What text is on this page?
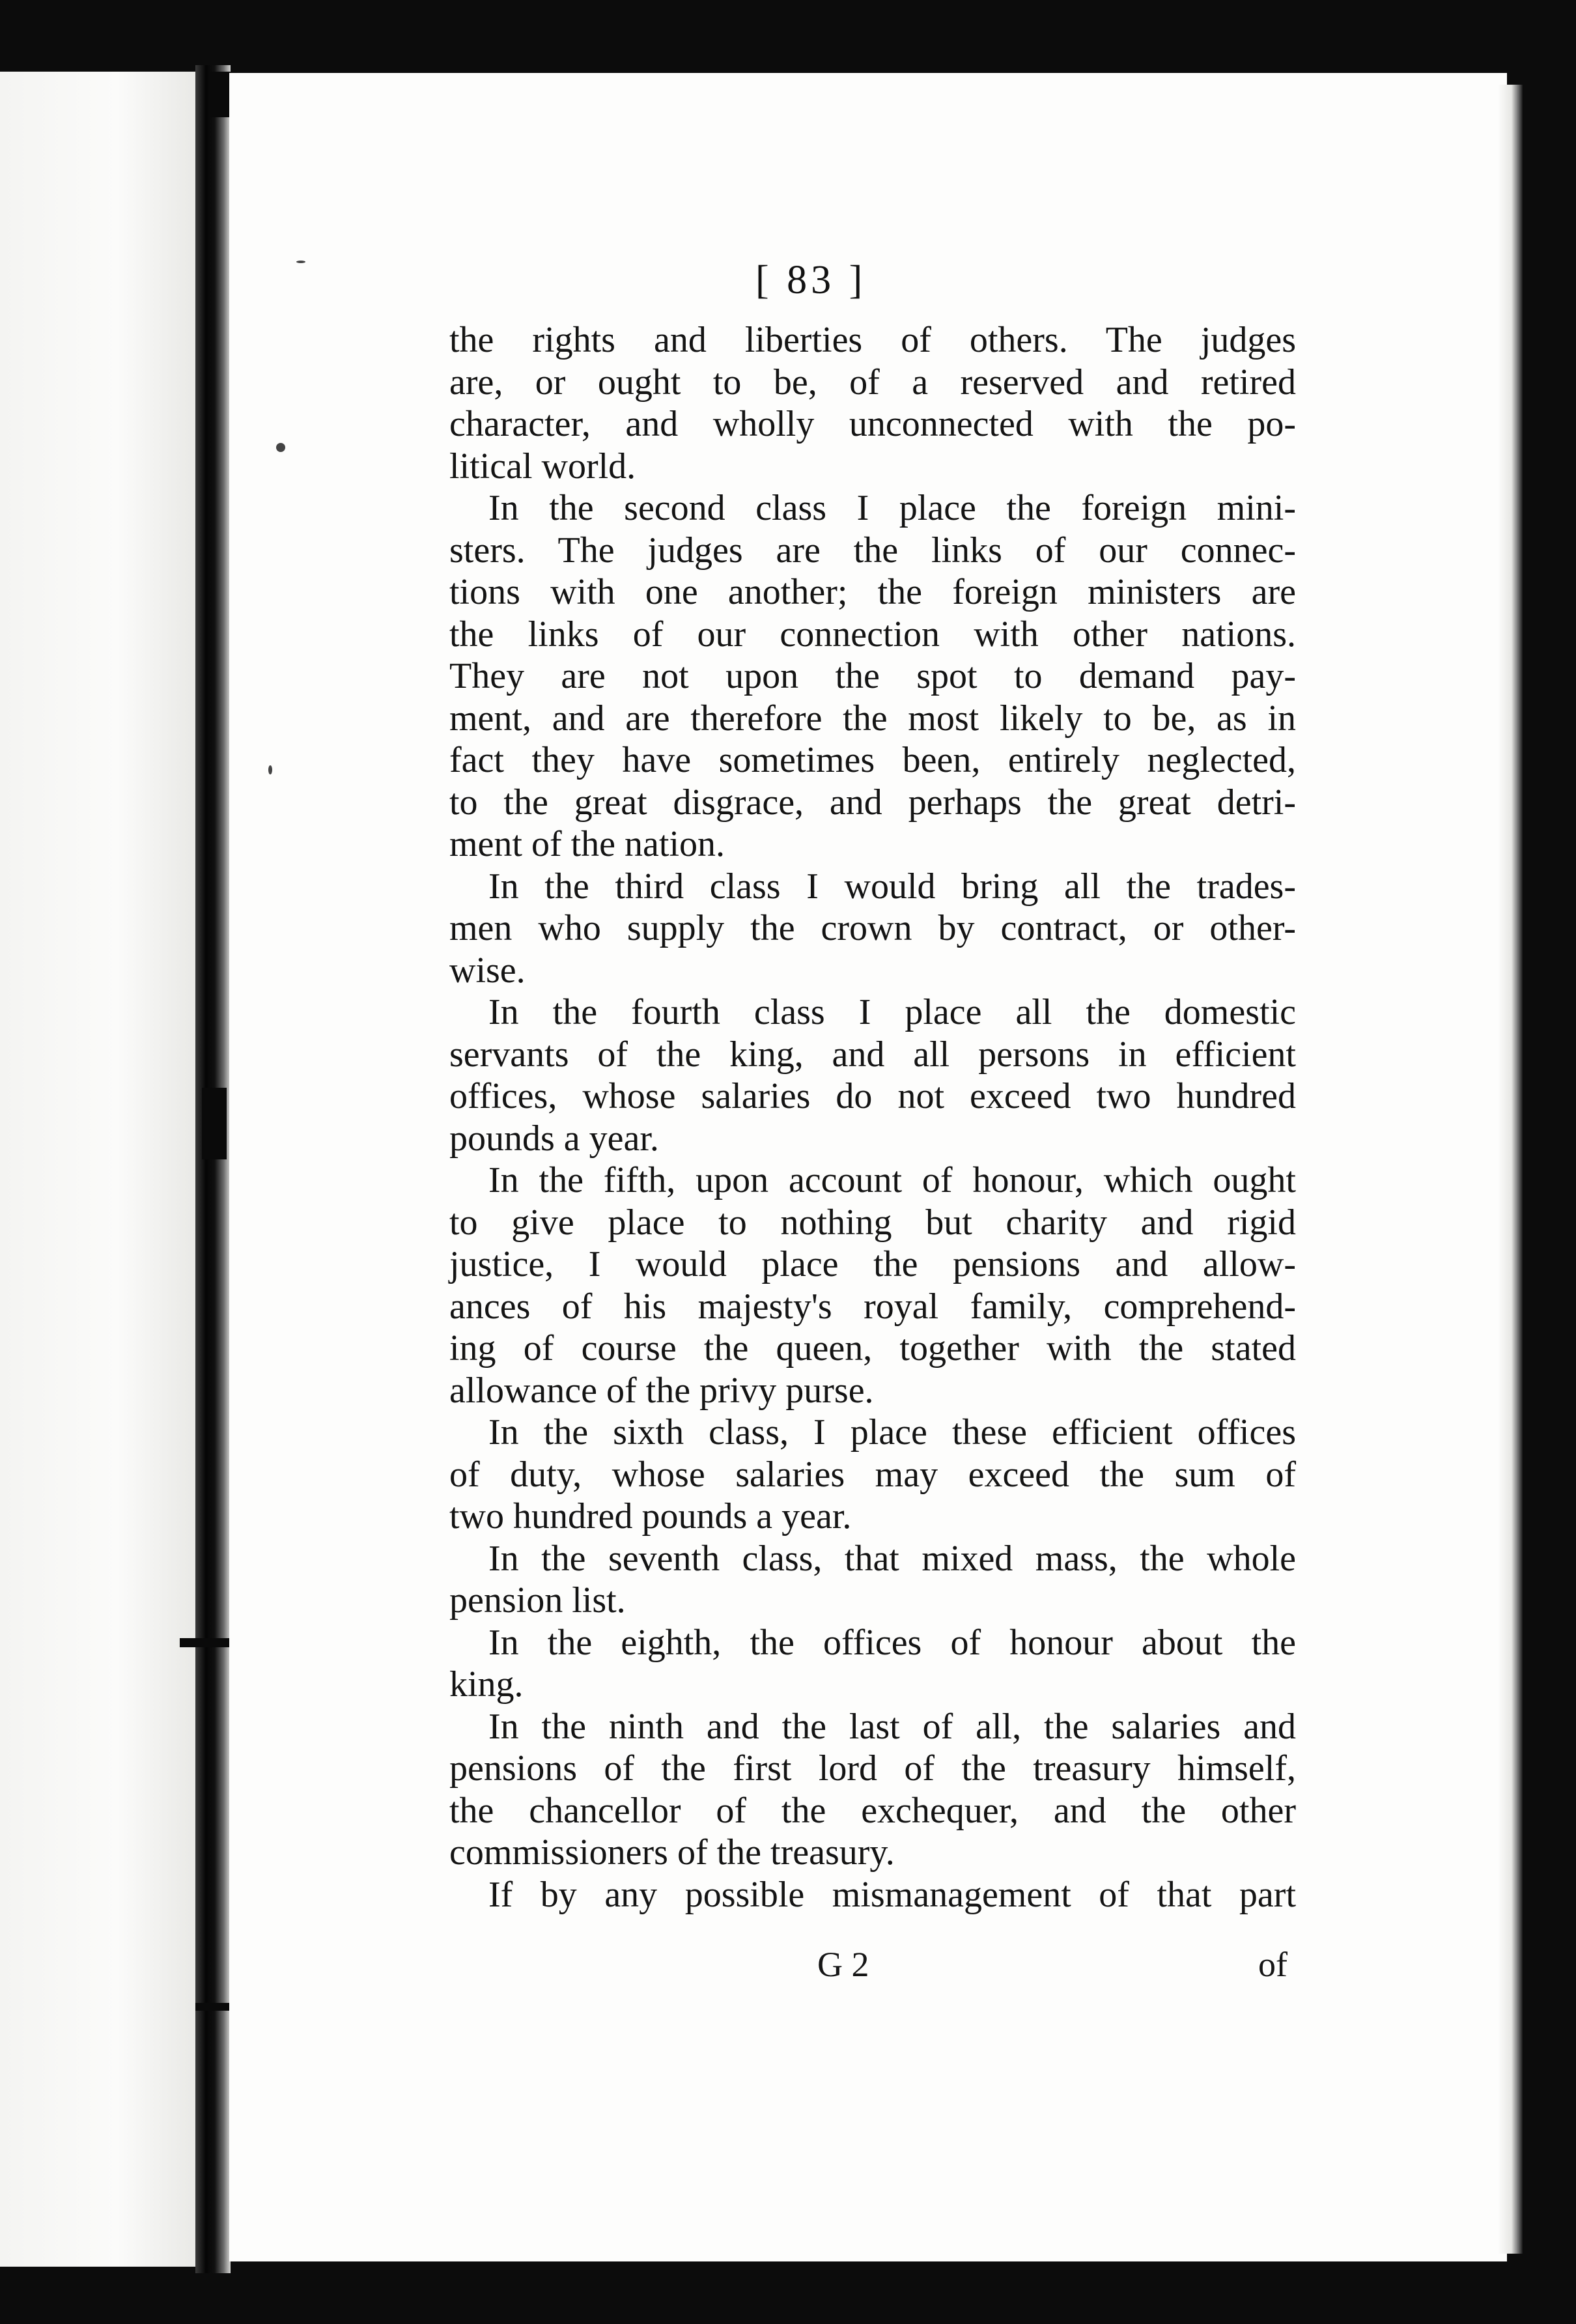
[ 83 ]
the rights and liberties of others. The judges
are, or ought to be, of a reserved and retired
character, and wholly unconnected with the po-
litical world.
In the second class I place the foreign mini-
sters. The judges are the links of our connec-
tions with one another; the foreign ministers are
the links of our connection with other nations.
They are not upon the spot to demand pay-
ment, and are therefore the most likely to be, as in
fact they have sometimes been, entirely neglected,
to the great disgrace, and perhaps the great detri-
ment of the nation.
In the third class I would bring all the trades-
men who supply the crown by contract, or other-
wise.
In the fourth class I place all the domestic
servants of the king, and all persons in efficient
offices, whose salaries do not exceed two hundred
pounds a year.
In the fifth, upon account of honour, which ought
to give place to nothing but charity and rigid
justice, I would place the pensions and allow-
ances of his majesty's royal family, comprehend-
ing of course the queen, together with the stated
allowance of the privy purse.
In the sixth class, I place these efficient offices
of duty, whose salaries may exceed the sum of
two hundred pounds a year.
In the seventh class, that mixed mass, the whole
pension list.
In the eighth, the offices of honour about the
king.
In the ninth and the last of all, the salaries and
pensions of the first lord of the treasury himself,
the chancellor of the exchequer, and the other
commissioners of the treasury.
If by any possible mismanagement of that part
G 2	of
